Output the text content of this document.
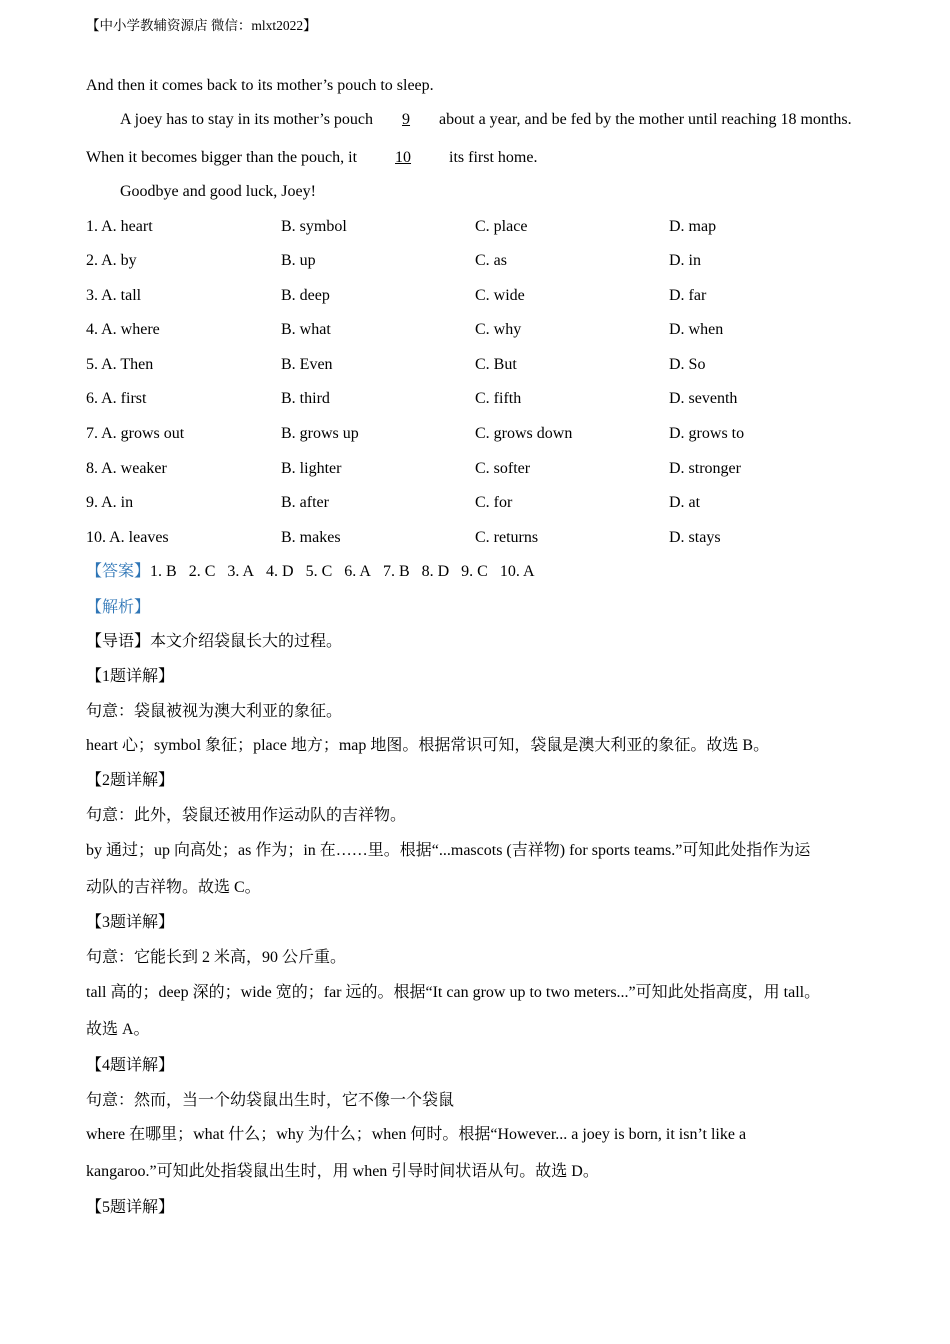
【中小学教辅资源店 微信：mlxt2022】
And then it comes back to its mother’s pouch to sleep.
A joey has to stay in its mother’s pouch 9 about a year, and be fed by the mother until reaching 18 months.
When it becomes bigger than the pouch, it 10 its first home.
Goodbye and good luck, Joey!
1. A. heart	B. symbol	C. place	D. map
2. A. by	B. up	C. as	D. in
3. A. tall	B. deep	C. wide	D. far
4. A. where	B. what	C. why	D. when
5. A. Then	B. Even	C. But	D. So
6. A. first	B. third	C. fifth	D. seventh
7. A. grows out	B. grows up	C. grows down	D. grows to
8. A. weaker	B. lighter	C. softer	D. stronger
9. A. in	B. after	C. for	D. at
10. A. leaves	B. makes	C. returns	D. stays
【答案】1. B 2. C 3. A 4. D 5. C 6. A 7. B 8. D 9. C 10. A
【解析】
【导语】本文介绍袋鼠长大的过程。
【1题详解】
句意：袋鼠被视为澳大利亚的象征。
heart 心；symbol 象征；place 地方；map 地图。根据常识可知，袋鼠是澳大利亚的象征。故选 B。
【2题详解】
句意：此外，袋鼠还被用作运动队的吉祥物。
by 通过；up 向高处；as 作为；in 在……里。根据“...mascots (吉祥物) for sports teams.”可知此处指作为运
动队的吉祥物。故选 C。
【3题详解】
句意：它能长到 2 米高，90 公斤重。
tall 高的；deep 深的；wide 宽的；far 远的。根据“It can grow up to two meters...”可知此处指高度，用 tall。
故选 A。
【4题详解】
句意：然而，当一个幼袋鼠出生时，它不像一个袋鼠
where 在哪里；what 什么；why 为什么；when 何时。根据“However... a joey is born, it isn’t like a
kangaroo.”可知此处指袋鼠出生时，用 when 引导时间状语从句。故选 D。
【5题详解】
